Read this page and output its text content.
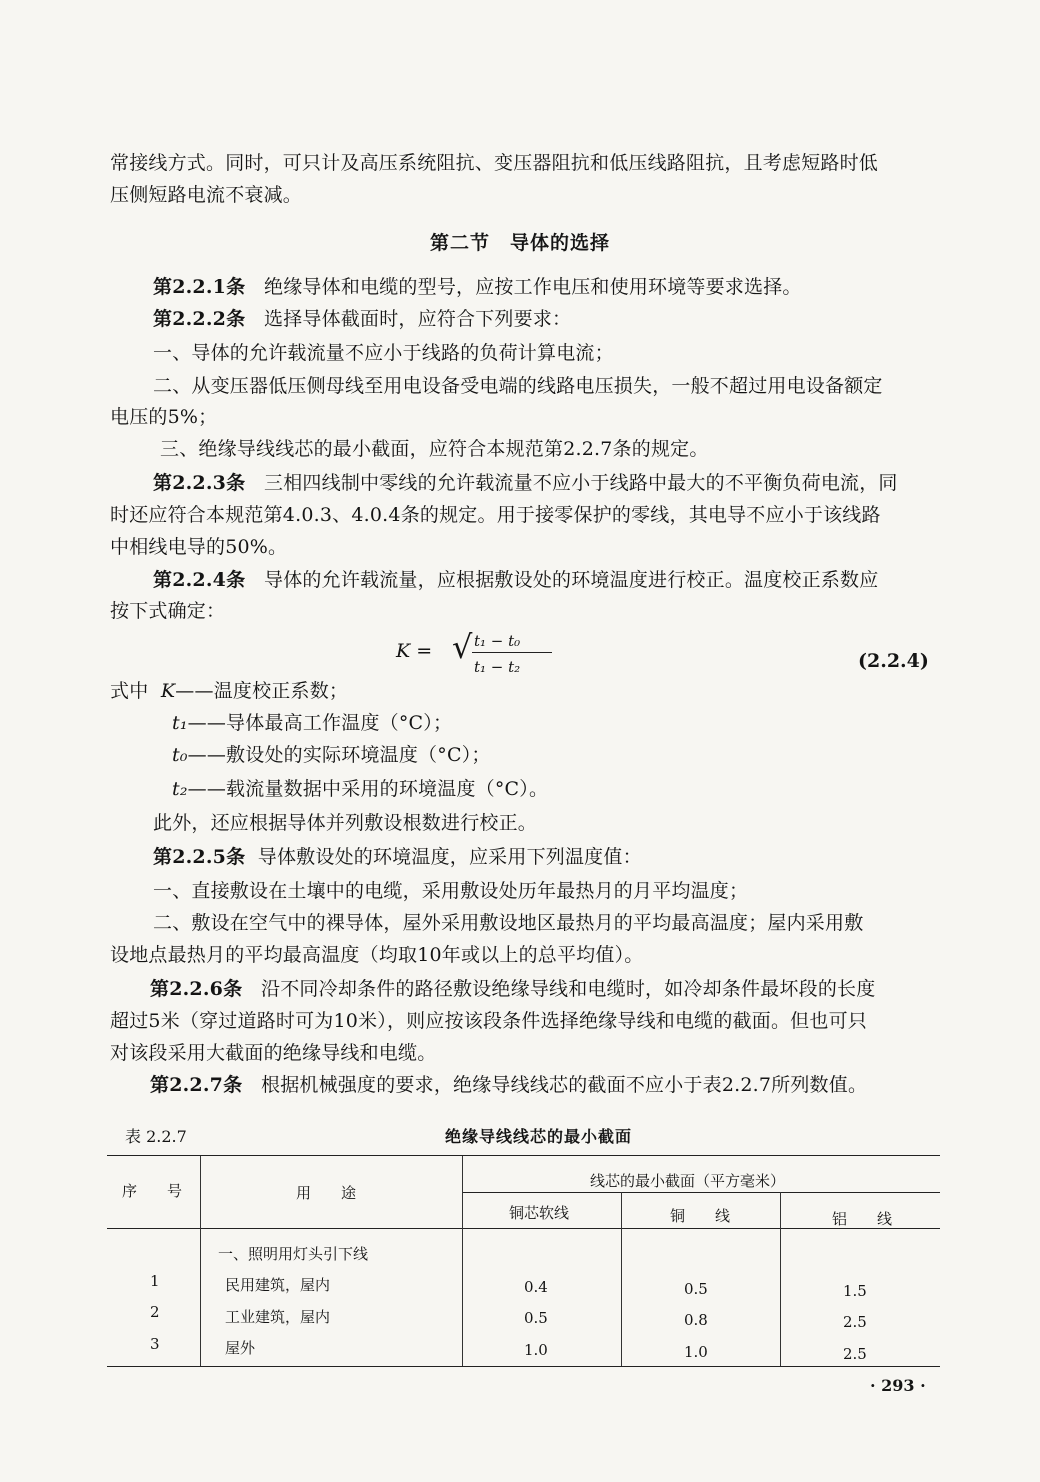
常接线方式。同时，可只计及高压系统阻抗、变压器阻抗和低压线路阻抗，且考虑短路时低
压侧短路电流不衰减。
第二节　导体的选择
第2.2.1条 绝缘导体和电缆的型号，应按工作电压和使用环境等要求选择。
第2.2.2条 选择导体截面时，应符合下列要求：
一、导体的允许载流量不应小于线路的负荷计算电流；
二、从变压器低压侧母线至用电设备受电端的线路电压损失，一般不超过用电设备额定
电压的5%；
三、绝缘导线线芯的最小截面，应符合本规范第2.2.7条的规定。
第2.2.3条 三相四线制中零线的允许载流量不应小于线路中最大的不平衡负荷电流，同
时还应符合本规范第4.0.3、4.0.4条的规定。用于接零保护的零线，其电导不应小于该线路
中相线电导的50%。
第2.2.4条 导体的允许载流量，应根据敷设处的环境温度进行校正。温度校正系数应
按下式确定：
K = √ t₁ − t₀
t₁ − t₂	(2.2.4)
式中 K——温度校正系数；
t₁——导体最高工作温度（°C）；
t₀——敷设处的实际环境温度（°C）；
t₂——载流量数据中采用的环境温度（°C）。
此外，还应根据导体并列敷设根数进行校正。
第2.2.5条 导体敷设处的环境温度，应采用下列温度值：
一、直接敷设在土壤中的电缆，采用敷设处历年最热月的月平均温度；
二、敷设在空气中的裸导体，屋外采用敷设地区最热月的平均最高温度；屋内采用敷
设地点最热月的平均最高温度（均取10年或以上的总平均值）。
第2.2.6条 沿不同冷却条件的路径敷设绝缘导线和电缆时，如冷却条件最坏段的长度
超过5米（穿过道路时可为10米），则应按该段条件选择绝缘导线和电缆的截面。但也可只
对该段采用大截面的绝缘导线和电缆。
第2.2.7条 根据机械强度的要求，绝缘导线线芯的截面不应小于表2.2.7所列数值。
表 2.2.7	绝缘导线线芯的最小截面
序　　号	用　　途
线芯的最小截面（平方毫米）
铜芯软线	铜　　线	铝　　线
一、照明用灯头引下线
1	民用建筑，屋内	0.4	0.5	1.5
2	工业建筑，屋内	0.5	0.8	2.5
3	屋外	1.0	1.0	2.5
· 293 ·
